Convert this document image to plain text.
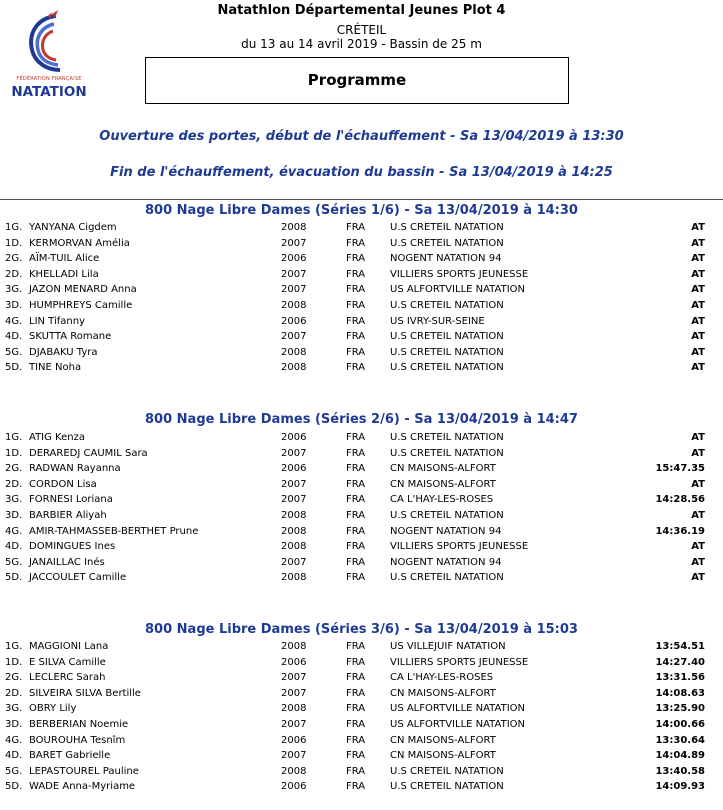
FÉDÉRATION FRANÇAISE
NATATION
Natathlon Départemental Jeunes Plot 4
CRÉTEIL
du 13 au 14 avril 2019 - Bassin de 25 m
Programme
Ouverture des portes, début de l'échauffement - Sa 13/04/2019 à 13:30
Fin de l'échauffement, évacuation du bassin - Sa 13/04/2019 à 14:25
800 Nage Libre Dames (Séries 1/6) - Sa 13/04/2019 à 14:30
1G. YANYANA Cigdem	2008	FRA U.S CRETEIL NATATION	AT
1D. KERMORVAN Amélia	2007	FRA U.S CRETEIL NATATION	AT
2G. AÏM-TUIL Alice	2006	FRA NOGENT NATATION 94	AT
2D. KHELLADI Lila	2007	FRA VILLIERS SPORTS JEUNESSE	AT
3G. JAZON MENARD Anna	2007	FRA US ALFORTVILLE NATATION	AT
3D. HUMPHREYS Camille	2008	FRA U.S CRETEIL NATATION	AT
4G. LIN Tifanny	2006	FRA US IVRY-SUR-SEINE	AT
4D. SKUTTA Romane	2007	FRA U.S CRETEIL NATATION	AT
5G. DJABAKU Tyra	2008	FRA U.S CRETEIL NATATION	AT
5D. TINE Noha	2008	FRA U.S CRETEIL NATATION	AT
800 Nage Libre Dames (Séries 2/6) - Sa 13/04/2019 à 14:47
1G. ATIG Kenza	2006	FRA U.S CRETEIL NATATION	AT
1D. DERAREDJ CAUMIL Sara	2007	FRA U.S CRETEIL NATATION	AT
2G. RADWAN Rayanna	2006	FRA CN MAISONS-ALFORT	15:47.35
2D. CORDON Lisa	2007	FRA CN MAISONS-ALFORT	AT
3G. FORNESI Loriana	2007	FRA CA L'HAY-LES-ROSES	14:28.56
3D. BARBIER Aliyah	2008	FRA U.S CRETEIL NATATION	AT
4G. AMIR-TAHMASSEB-BERTHET Prune	2008	FRA NOGENT NATATION 94	14:36.19
4D. DOMINGUES Ines	2008	FRA VILLIERS SPORTS JEUNESSE	AT
5G. JANAILLAC Inés	2007	FRA NOGENT NATATION 94	AT
5D. JACCOULET Camille	2008	FRA U.S CRETEIL NATATION	AT
800 Nage Libre Dames (Séries 3/6) - Sa 13/04/2019 à 15:03
1G. MAGGIONI Lana	2008	FRA US VILLEJUIF NATATION	13:54.51
1D. E SILVA Camille	2006	FRA VILLIERS SPORTS JEUNESSE	14:27.40
2G. LECLERC Sarah	2007	FRA CA L'HAY-LES-ROSES	13:31.56
2D. SILVEIRA SILVA Bertille	2007	FRA CN MAISONS-ALFORT	14:08.63
3G. OBRY Lily	2008	FRA US ALFORTVILLE NATATION	13:25.90
3D. BERBERIAN Noemie	2007	FRA US ALFORTVILLE NATATION	14:00.66
4G. BOUROUHA Tesnîm	2006	FRA CN MAISONS-ALFORT	13:30.64
4D. BARET Gabrielle	2007	FRA CN MAISONS-ALFORT	14:04.89
5G. LEPASTOUREL Pauline	2008	FRA U.S CRETEIL NATATION	13:40.58
5D. WADE Anna-Myriame	2006	FRA U.S CRETEIL NATATION	14:09.93
